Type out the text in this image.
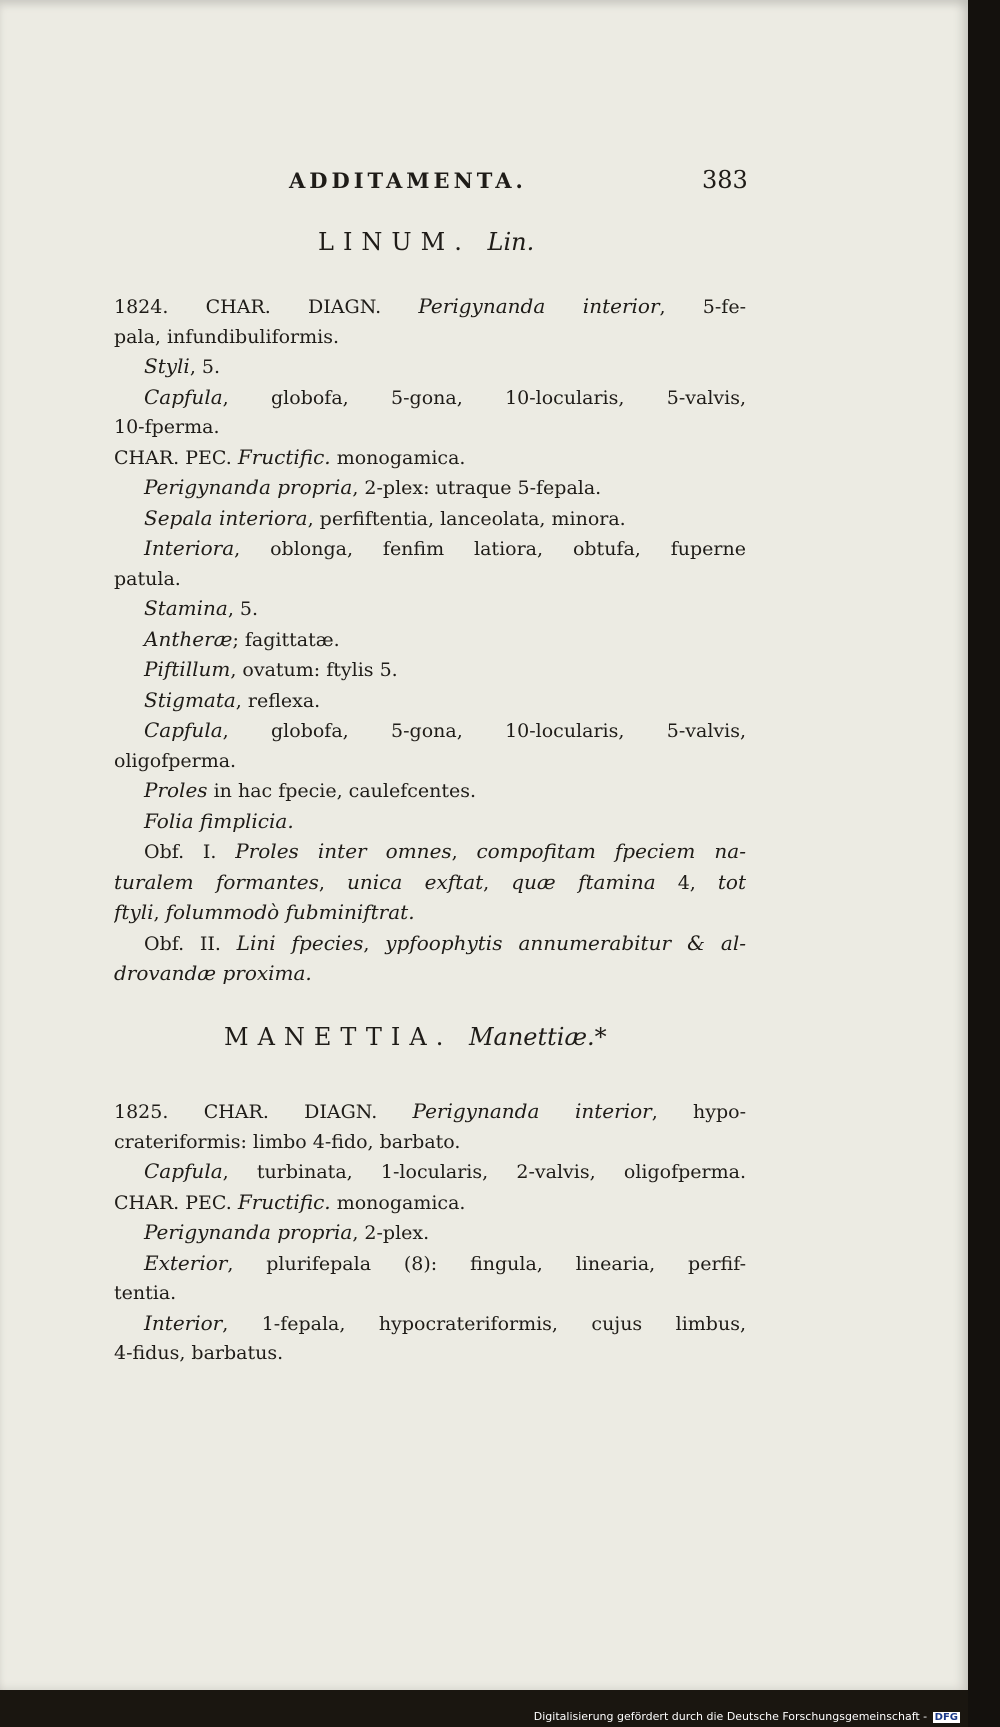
ADDITAMENTA.	383
LINUM. Lin.
1824. CHAR. DIAGN. Perigynanda interior, 5-fe-
pala, infundibuliformis.
Styli, 5.
Capfula, globofa, 5-gona, 10-locularis, 5-valvis,
10-fperma.
CHAR. PEC. Fructific. monogamica.
Perigynanda propria, 2-plex: utraque 5-fepala.
Sepala interiora, perfiftentia, lanceolata, minora.
Interiora, oblonga, fenfim latiora, obtufa, fuperne
patula.
Stamina, 5.
Antheræ; fagittatæ.
Piftillum, ovatum: ftylis 5.
Stigmata, reflexa.
Capfula, globofa, 5-gona, 10-locularis, 5-valvis,
oligofperma.
Proles in hac fpecie, caulefcentes.
Folia fimplicia.
Obf. I. Proles inter omnes, compofitam fpeciem na-
turalem formantes, unica exftat, quæ ftamina 4, tot
ftyli, folummodò fubminiftrat.
Obf. II. Lini fpecies, ypfoophytis annumerabitur & al-
drovandæ proxima.
MANETTIA. Manettiæ.*
1825. CHAR. DIAGN. Perigynanda interior, hypo-
crateriformis: limbo 4-fido, barbato.
Capfula, turbinata, 1-locularis, 2-valvis, oligofperma.
CHAR. PEC. Fructific. monogamica.
Perigynanda propria, 2-plex.
Exterior, plurifepala (8): fingula, linearia, perfif-
tentia.
Interior, 1-fepala, hypocrateriformis, cujus limbus,
4-fidus, barbatus.
Digitalisierung gefördert durch die Deutsche Forschungsgemeinschaft - DFG
